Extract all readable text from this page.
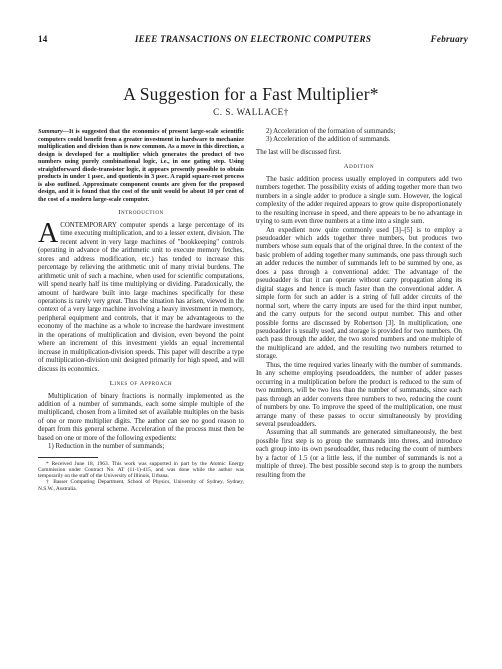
14	IEEE TRANSACTIONS ON ELECTRONIC COMPUTERS	February
A Suggestion for a Fast Multiplier*
C. S. WALLACE†
Summary—It is suggested that the economics of present large-scale scientific computers could benefit from a greater investment in hardware to mechanize multiplication and division than is now common. As a move in this direction, a design is developed for a multiplier which generates the product of two numbers using purely combinational logic, i.e., in one gating step. Using straightforward diode-transistor logic, it appears presently possible to obtain products in under 1 μsec, and quotients in 3 μsec. A rapid square-root process is also outlined. Approximate component counts are given for the proposed design, and it is found that the cost of the unit would be about 10 per cent of the cost of a modern large-scale computer.
Introduction

ACONTEMPORARY computer spends a large percentage of its time executing multiplication, and to a lesser extent, division. The recent advent in very large machines of "bookkeeping" controls (operating in advance of the arithmetic unit to execute memory fetches, stores and address modification, etc.) has tended to increase this percentage by relieving the arithmetic unit of many trivial burdens. The arithmetic unit of such a machine, when used for scientific computations, will spend nearly half its time multiplying or dividing. Paradoxically, the amount of hardware built into large machines specifically for these operations is rarely very great. Thus the situation has arisen, viewed in the context of a very large machine involving a heavy investment in memory, peripheral equipment and controls, that it may be advantageous to the economy of the machine as a whole to increase the hardware investment in the operations of multiplication and division, even beyond the point where an increment of this investment yields an equal incremental increase in multiplication-division speeds. This paper will describe a type of multiplication-division unit designed primarily for high speed, and will discuss its economics.

Lines of Approach

Multiplication of binary fractions is normally implemented as the addition of a number of summands, each some simple multiple of the multiplicand, chosen from a limited set of available multiples on the basis of one or more multiplier digits. The author can see no good reason to depart from this general scheme. Acceleration of the process must then be based on one or more of the following expedients:

1) Reduction in the number of summands;

* Received June 18, 1963. This work was supported in part by the Atomic Energy Commission under Contract No. AT (11-1)-415, and was done while the author was temporarily on the staff of the University of Illinois, Urbana.

† Basser Computing Department, School of Physics, University of Sydney, Sydney, N.S.W., Australia.

2) Acceleration of the formation of summands;

3) Acceleration of the addition of summands.

The last will be discussed first.

Addition

The basic addition process usually employed in computers add two numbers together. The possibility exists of adding together more than two numbers in a single adder to produce a single sum. However, the logical complexity of the adder required appears to grow quite disproportionately to the resulting increase in speed, and there appears to be no advantage in trying to sum even three numbers at a time into a single sum.

An expedient now quite commonly used [3]–[5] is to employ a pseudoadder which adds together three numbers, but produces two numbers whose sum equals that of the original three. In the context of the basic problem of adding together many summands, one pass through such an adder reduces the number of summands left to be summed by one, as does a pass through a conventional adder. The advantage of the pseudoadder is that it can operate without carry propagation along its digital stages and hence is much faster than the conventional adder. A simple form for such an adder is a string of full adder circuits of the normal sort, where the carry inputs are used for the third input number, and the carry outputs for the second output number. This and other possible forms are discussed by Robertson [3]. In multiplication, one pseudoadder is usually used, and storage is provided for two numbers. On each pass through the adder, the two stored numbers and one multiple of the multiplicand are added, and the resulting two numbers returned to storage.

Thus, the time required varies linearly with the number of summands. In any scheme employing pseudoadders, the number of adder passes occurring in a multiplication before the product is reduced to the sum of two numbers, will be two less than the number of summands, since each pass through an adder converts three numbers to two, reducing the count of numbers by one. To improve the speed of the multiplication, one must arrange many of these passes to occur simultaneously by providing several pseudoadders.

Assuming that all summands are generated simultaneously, the best possible first step is to group the summands into threes, and introduce each group into its own pseudoadder, thus reducing the count of numbers by a factor of 1.5 (or a little less, if the number of summands is not a multiple of three). The best possible second step is to group the numbers resulting from the
